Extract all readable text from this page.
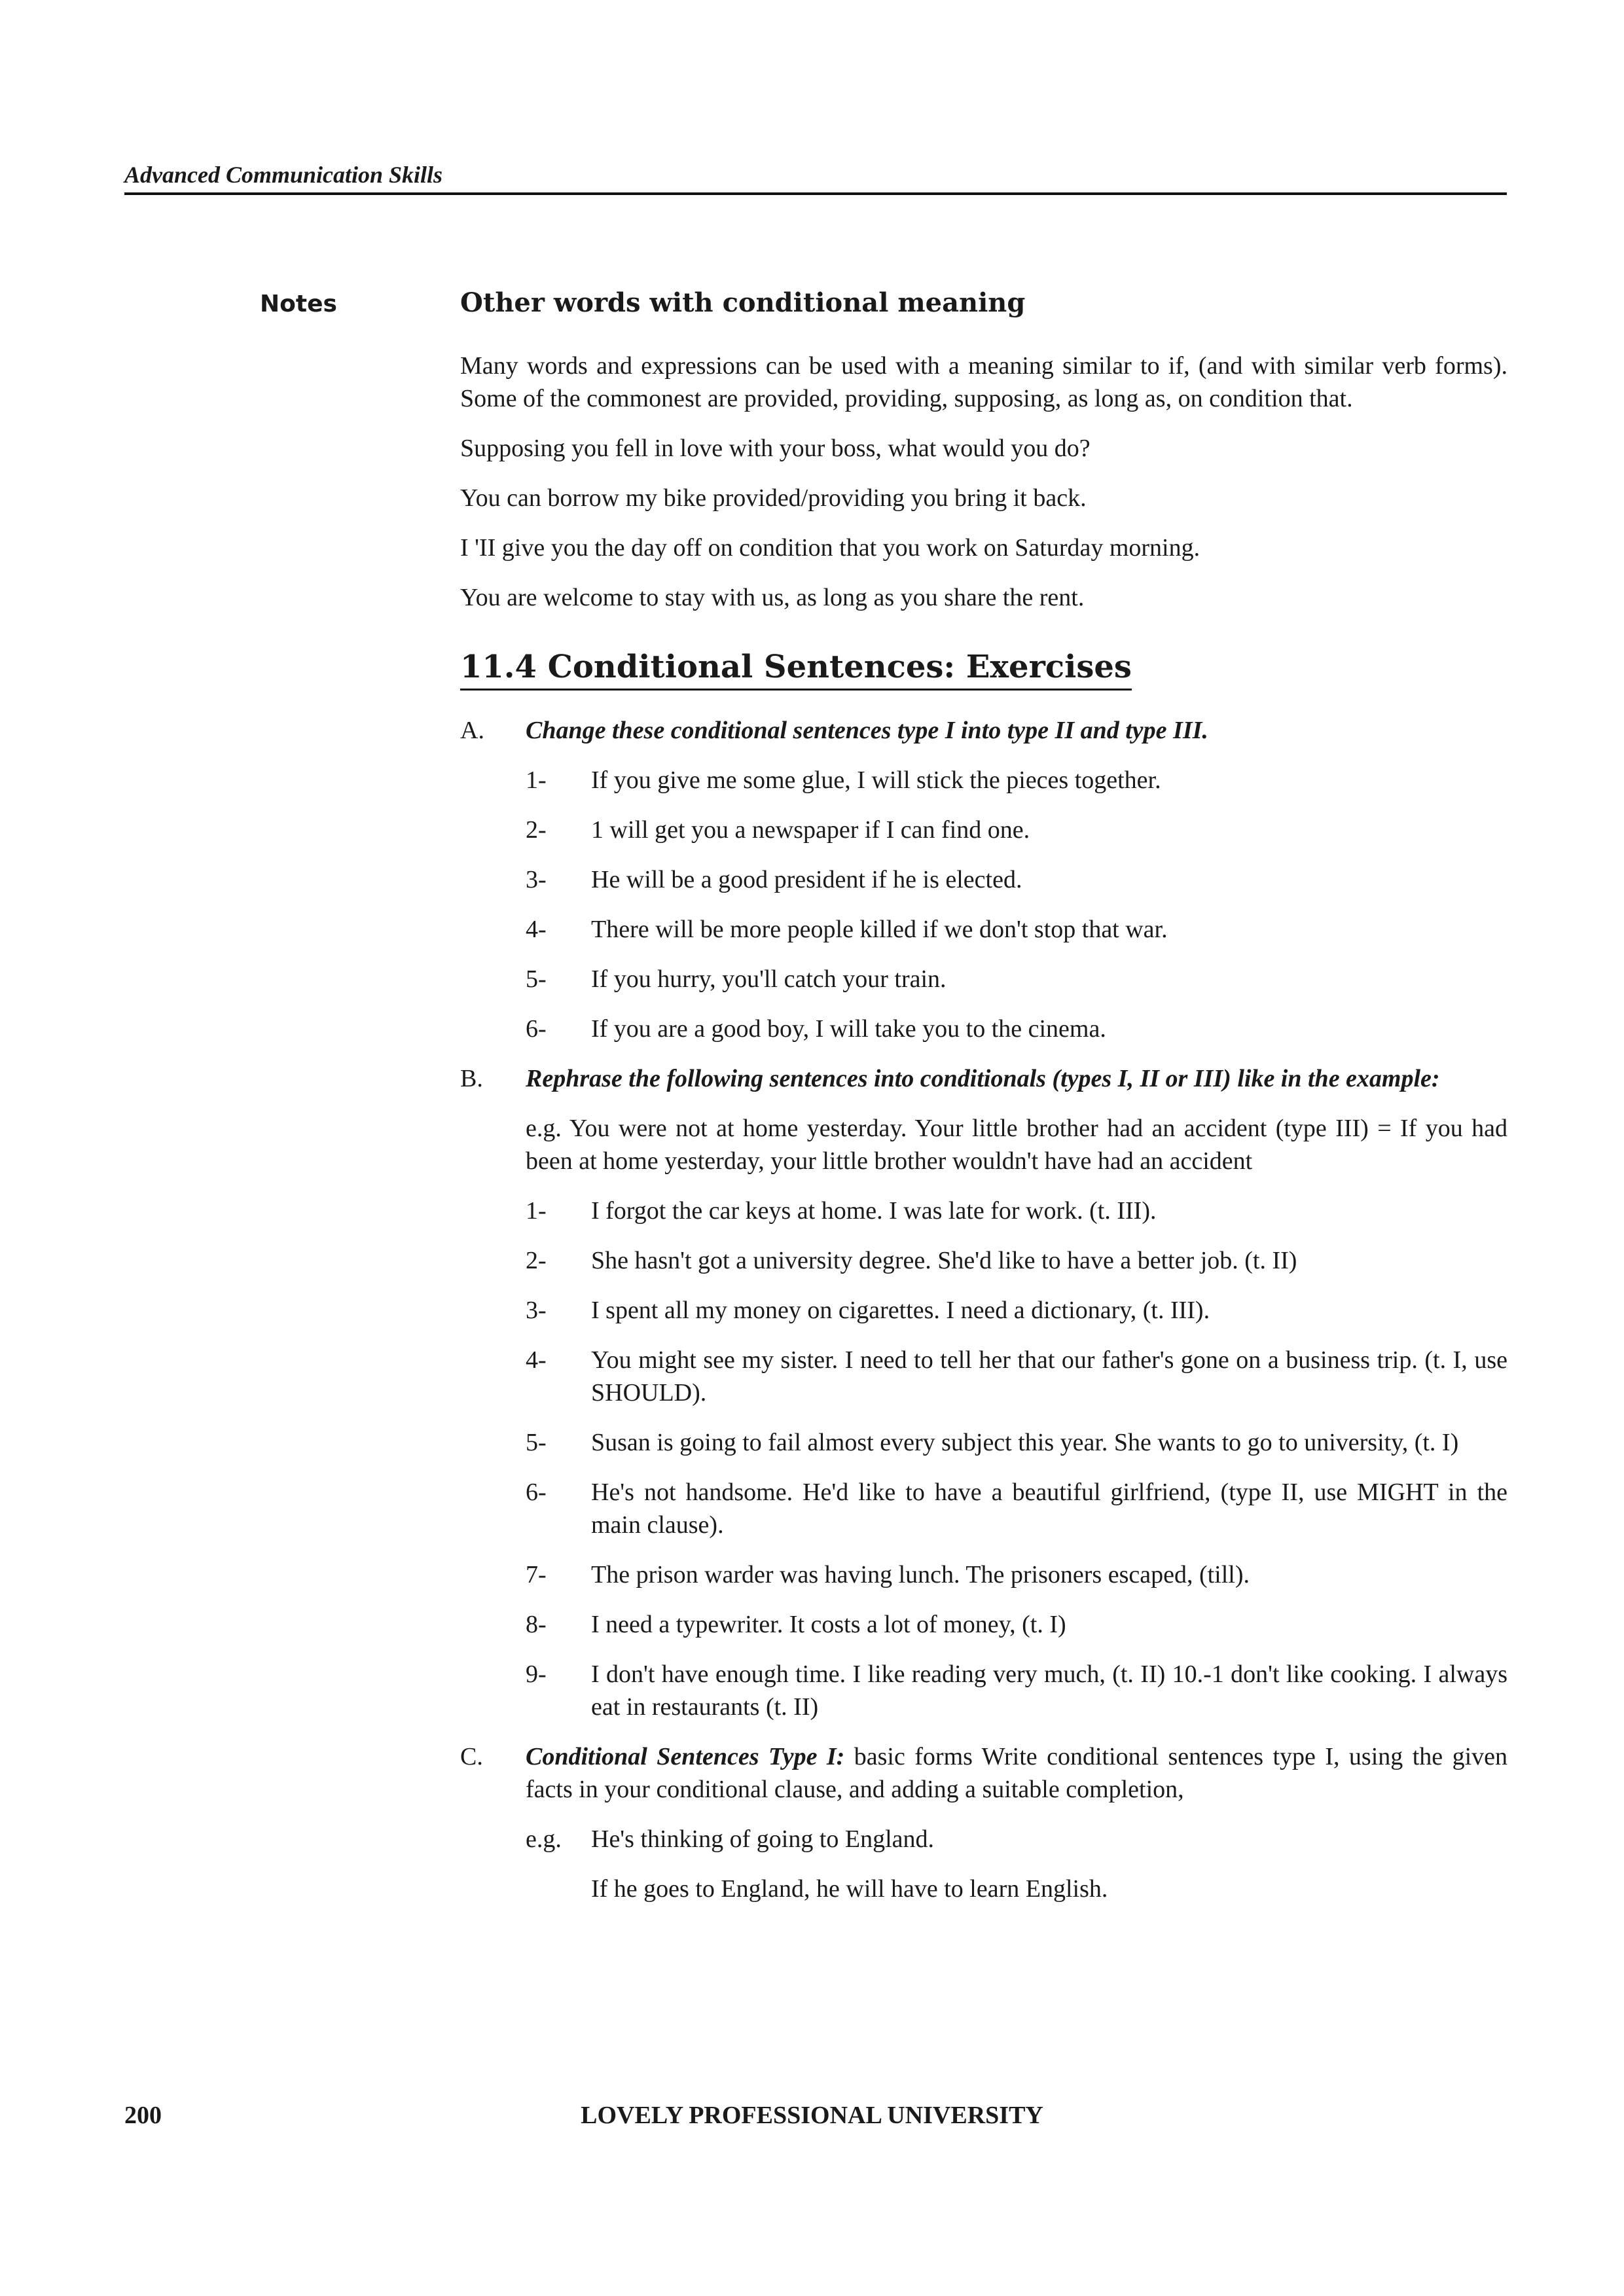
Advanced Communication Skills
Notes	Other words with conditional meaning

Many words and expressions can be used with a meaning similar to if, (and with similar verb forms). Some of the commonest are provided, providing, supposing, as long as, on condition that.

Supposing you fell in love with your boss, what would you do?

You can borrow my bike provided/providing you bring it back.

I 'II give you the day off on condition that you work on Saturday morning.

You are welcome to stay with us, as long as you share the rent.

11.4 Conditional Sentences: Exercises
A.	Change these conditional sentences type I into type II and type III.
1-	If you give me some glue, I will stick the pieces together.
2-	1 will get you a newspaper if I can find one.
3-	He will be a good president if he is elected.
4-	There will be more people killed if we don't stop that war.
5-	If you hurry, you'll catch your train.
6-	If you are a good boy, I will take you to the cinema.
B.	Rephrase the following sentences into conditionals (types I, II or III) like in the example:
e.g. You were not at home yesterday. Your little brother had an accident (type III) = If you had been at home yesterday, your little brother wouldn't have had an accident
1-	I forgot the car keys at home. I was late for work. (t. III).
2-	She hasn't got a university degree. She'd like to have a better job. (t. II)
3-	I spent all my money on cigarettes. I need a dictionary, (t. III).
4-	You might see my sister. I need to tell her that our father's gone on a business trip. (t. I, use SHOULD).
5-	Susan is going to fail almost every subject this year. She wants to go to university, (t. I)
6-	He's not handsome. He'd like to have a beautiful girlfriend, (type II, use MIGHT in the main clause).
7-	The prison warder was having lunch. The prisoners escaped, (till).
8-	I need a typewriter. It costs a lot of money, (t. I)
9-	I don't have enough time. I like reading very much, (t. II) 10.-1 don't like cooking. I always eat in restaurants (t. II)
C.	Conditional Sentences Type I: basic forms Write conditional sentences type I, using the given facts in your conditional clause, and adding a suitable completion,
e.g.	He's thinking of going to England.
If he goes to England, he will have to learn English.
200	LOVELY PROFESSIONAL UNIVERSITY
